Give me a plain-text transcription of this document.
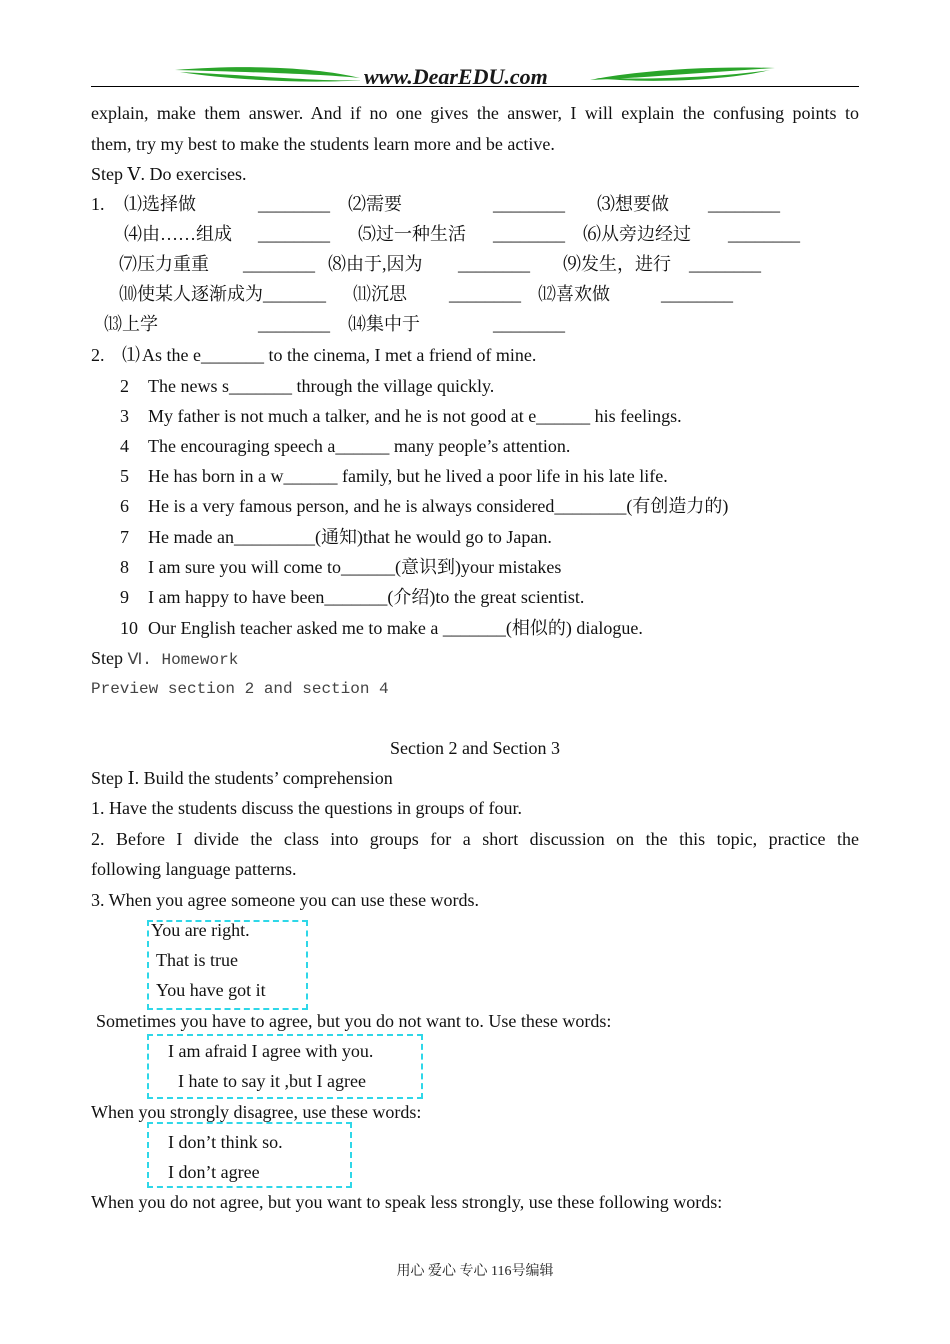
www.DearEDU.com
explain, make them answer. And if no one gives the answer, I will explain the confusing points to
them, try my best to make the students learn more and be active.
Step Ⅴ. Do exercises.
1. ⑴选择做	________ ⑵需要	________ ⑶想要做 ________
⑷由……组成 ________ ⑸过一种生活 ________ ⑹从旁边经过 ________
⑺压力重重 ________ ⑻由于,因为 ________ ⑼发生，进行 ________
⑽使某人逐渐成为_______ ⑾沉思 ________ ⑿喜欢做	________
⒀上学	________ ⒁集中于	________
2. ⑴ As the e_______ to the cinema, I met a friend of mine.
2 The news s_______ through the village quickly.
3 My father is not much a talker, and he is not good at e______ his feelings.
4 The encouraging speech a______ many people’s attention.
5 He has born in a w______ family, but he lived a poor life in his late life.
6 He is a very famous person, and he is always considered________(有创造力的)
7 He made an_________(通知)that he would go to Japan.
8 I am sure you will come to______(意识到)your mistakes
9 I am happy to have been_______(介绍)to the great scientist.
10 Our English teacher asked me to make a _______(相似的) dialogue.
Step Ⅵ. Homework
Preview section 2 and section 4
Section 2 and Section 3
Step Ⅰ. Build the students’ comprehension
1. Have the students discuss the questions in groups of four.
2. Before I divide the class into groups for a short discussion on the this topic, practice the
following language patterns.
3. When you agree someone you can use these words.
You are right.
That is true
You have got it
Sometimes you have to agree, but you do not want to. Use these words:
I am afraid I agree with you.
I hate to say it ,but I agree
When you strongly disagree, use these words:
I don’t think so.
I don’t agree
When you do not agree, but you want to speak less strongly, use these following words:
用心 爱心 专心 116号编辑
